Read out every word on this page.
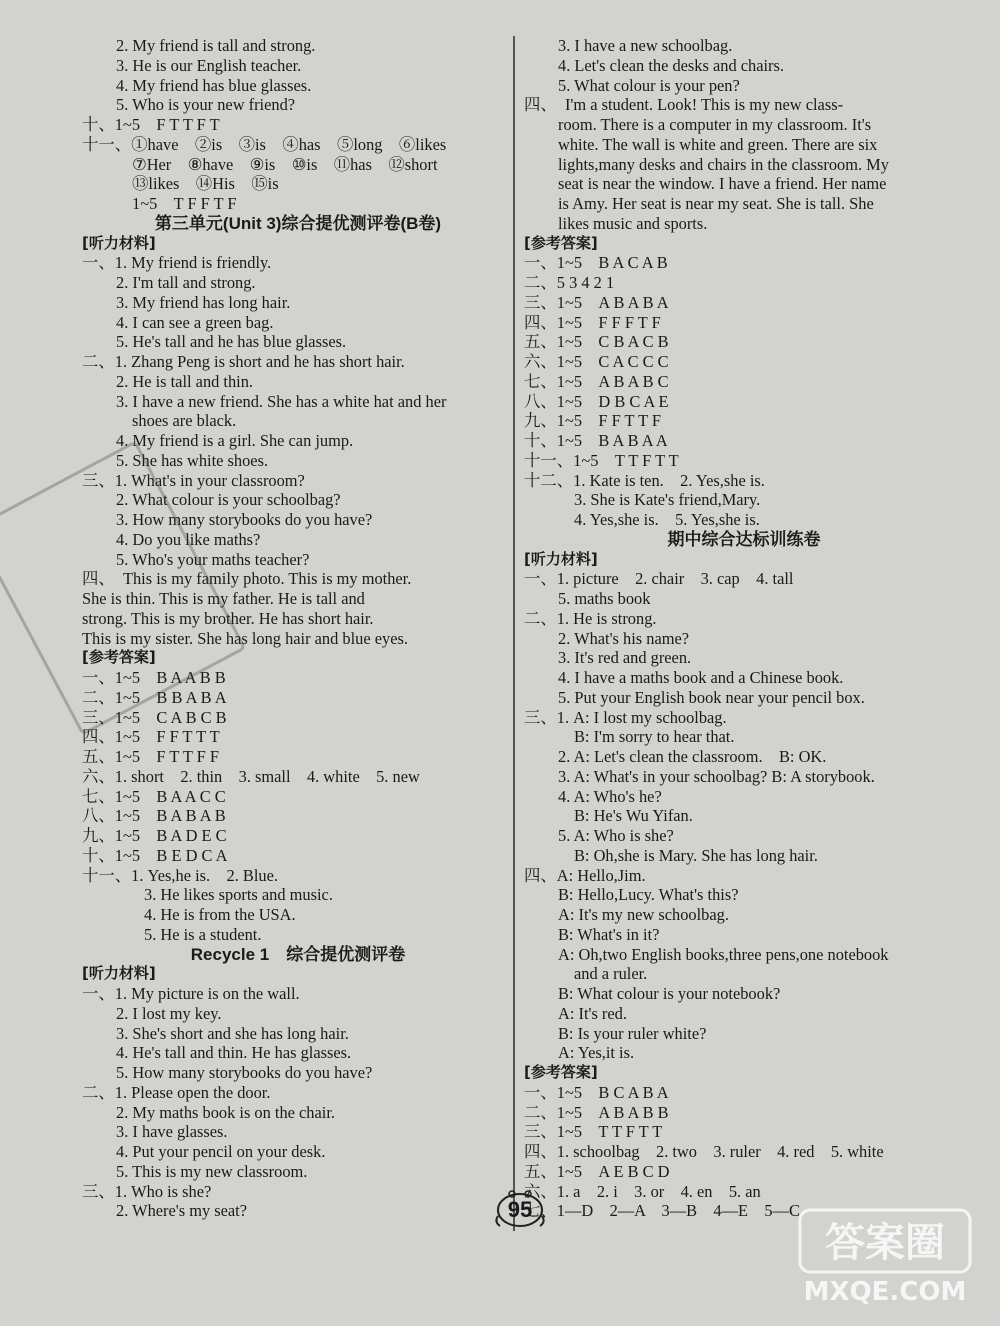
2. My friend is tall and strong.
3. He is our English teacher.
4. My friend has blue glasses.
5. Who is your new friend?
十、1~5　F T T F T
十一、①have　②is　③is　④has　⑤long　⑥likes
⑦Her　⑧have　⑨is　⑩is　⑪has　⑫short
⑬likes　⑭His　⑮is
1~5　T F F T F
第三单元(Unit 3)综合提优测评卷(B卷)
[听力材料]
一、1. My friend is friendly.
2. I'm tall and strong.
3. My friend has long hair.
4. I can see a green bag.
5. He's tall and he has blue glasses.
二、1. Zhang Peng is short and he has short hair.
2. He is tall and thin.
3. I have a new friend. She has a white hat and her
shoes are black.
4. My friend is a girl. She can jump.
5. She has white shoes.
三、1. What's in your classroom?
2. What colour is your schoolbag?
3. How many storybooks do you have?
4. Do you like maths?
5. Who's your maths teacher?
四、　This is my family photo. This is my mother.
She is thin. This is my father. He is tall and
strong. This is my brother. He has short hair.
This is my sister. She has long hair and blue eyes.
[参考答案]
一、1~5　B A A B B
二、1~5　B B A B A
三、1~5　C A B C B
四、1~5　F F T T T
五、1~5　F T T F F
六、1. short　2. thin　3. small　4. white　5. new
七、1~5　B A A C C
八、1~5　B A B A B
九、1~5　B A D E C
十、1~5　B E D C A
十一、1. Yes,he is.　2. Blue.
3. He likes sports and music.
4. He is from the USA.
5. He is a student.
Recycle 1　综合提优测评卷
[听力材料]
一、1. My picture is on the wall.
2. I lost my key.
3. She's short and she has long hair.
4. He's tall and thin. He has glasses.
5. How many storybooks do you have?
二、1. Please open the door.
2. My maths book is on the chair.
3. I have glasses.
4. Put your pencil on your desk.
5. This is my new classroom.
三、1. Who is she?
2. Where's my seat?
3. I have a new schoolbag.
4. Let's clean the desks and chairs.
5. What colour is your pen?
四、　I'm a student. Look! This is my new class-
room. There is a computer in my classroom. It's
white. The wall is white and green. There are six
lights,many desks and chairs in the classroom. My
seat is near the window. I have a friend. Her name
is Amy. Her seat is near my seat. She is tall. She
likes music and sports.
[参考答案]
一、1~5　B A C A B
二、5 3 4 2 1
三、1~5　A B A B A
四、1~5　F F F T F
五、1~5　C B A C B
六、1~5　C A C C C
七、1~5　A B A B C
八、1~5　D B C A E
九、1~5　F F T T F
十、1~5　B A B A A
十一、1~5　T T F T T
十二、1. Kate is ten.　2. Yes,she is.
3. She is Kate's friend,Mary.
4. Yes,she is.　5. Yes,she is.
期中综合达标训练卷
[听力材料]
一、1. picture　2. chair　3. cap　4. tall
5. maths book
二、1. He is strong.
2. What's his name?
3. It's red and green.
4. I have a maths book and a Chinese book.
5. Put your English book near your pencil box.
三、1. A: I lost my schoolbag.
B: I'm sorry to hear that.
2. A: Let's clean the classroom.　B: OK.
3. A: What's in your schoolbag? B: A storybook.
4. A: Who's he?
B: He's Wu Yifan.
5. A: Who is she?
B: Oh,she is Mary. She has long hair.
四、A: Hello,Jim.
B: Hello,Lucy. What's this?
A: It's my new schoolbag.
B: What's in it?
A: Oh,two English books,three pens,one notebook
and a ruler.
B: What colour is your notebook?
A: It's red.
B: Is your ruler white?
A: Yes,it is.
[参考答案]
一、1~5　B C A B A
二、1~5　A B A B B
三、1~5　T T F T T
四、1. schoolbag　2. two　3. ruler　4. red　5. white
五、1~5　A E B C D
六、1. a　2. i　3. or　4. en　5. an
七、1—D　2—A　3—B　4—E　5—C
95
答案圈
MXQE.COM
